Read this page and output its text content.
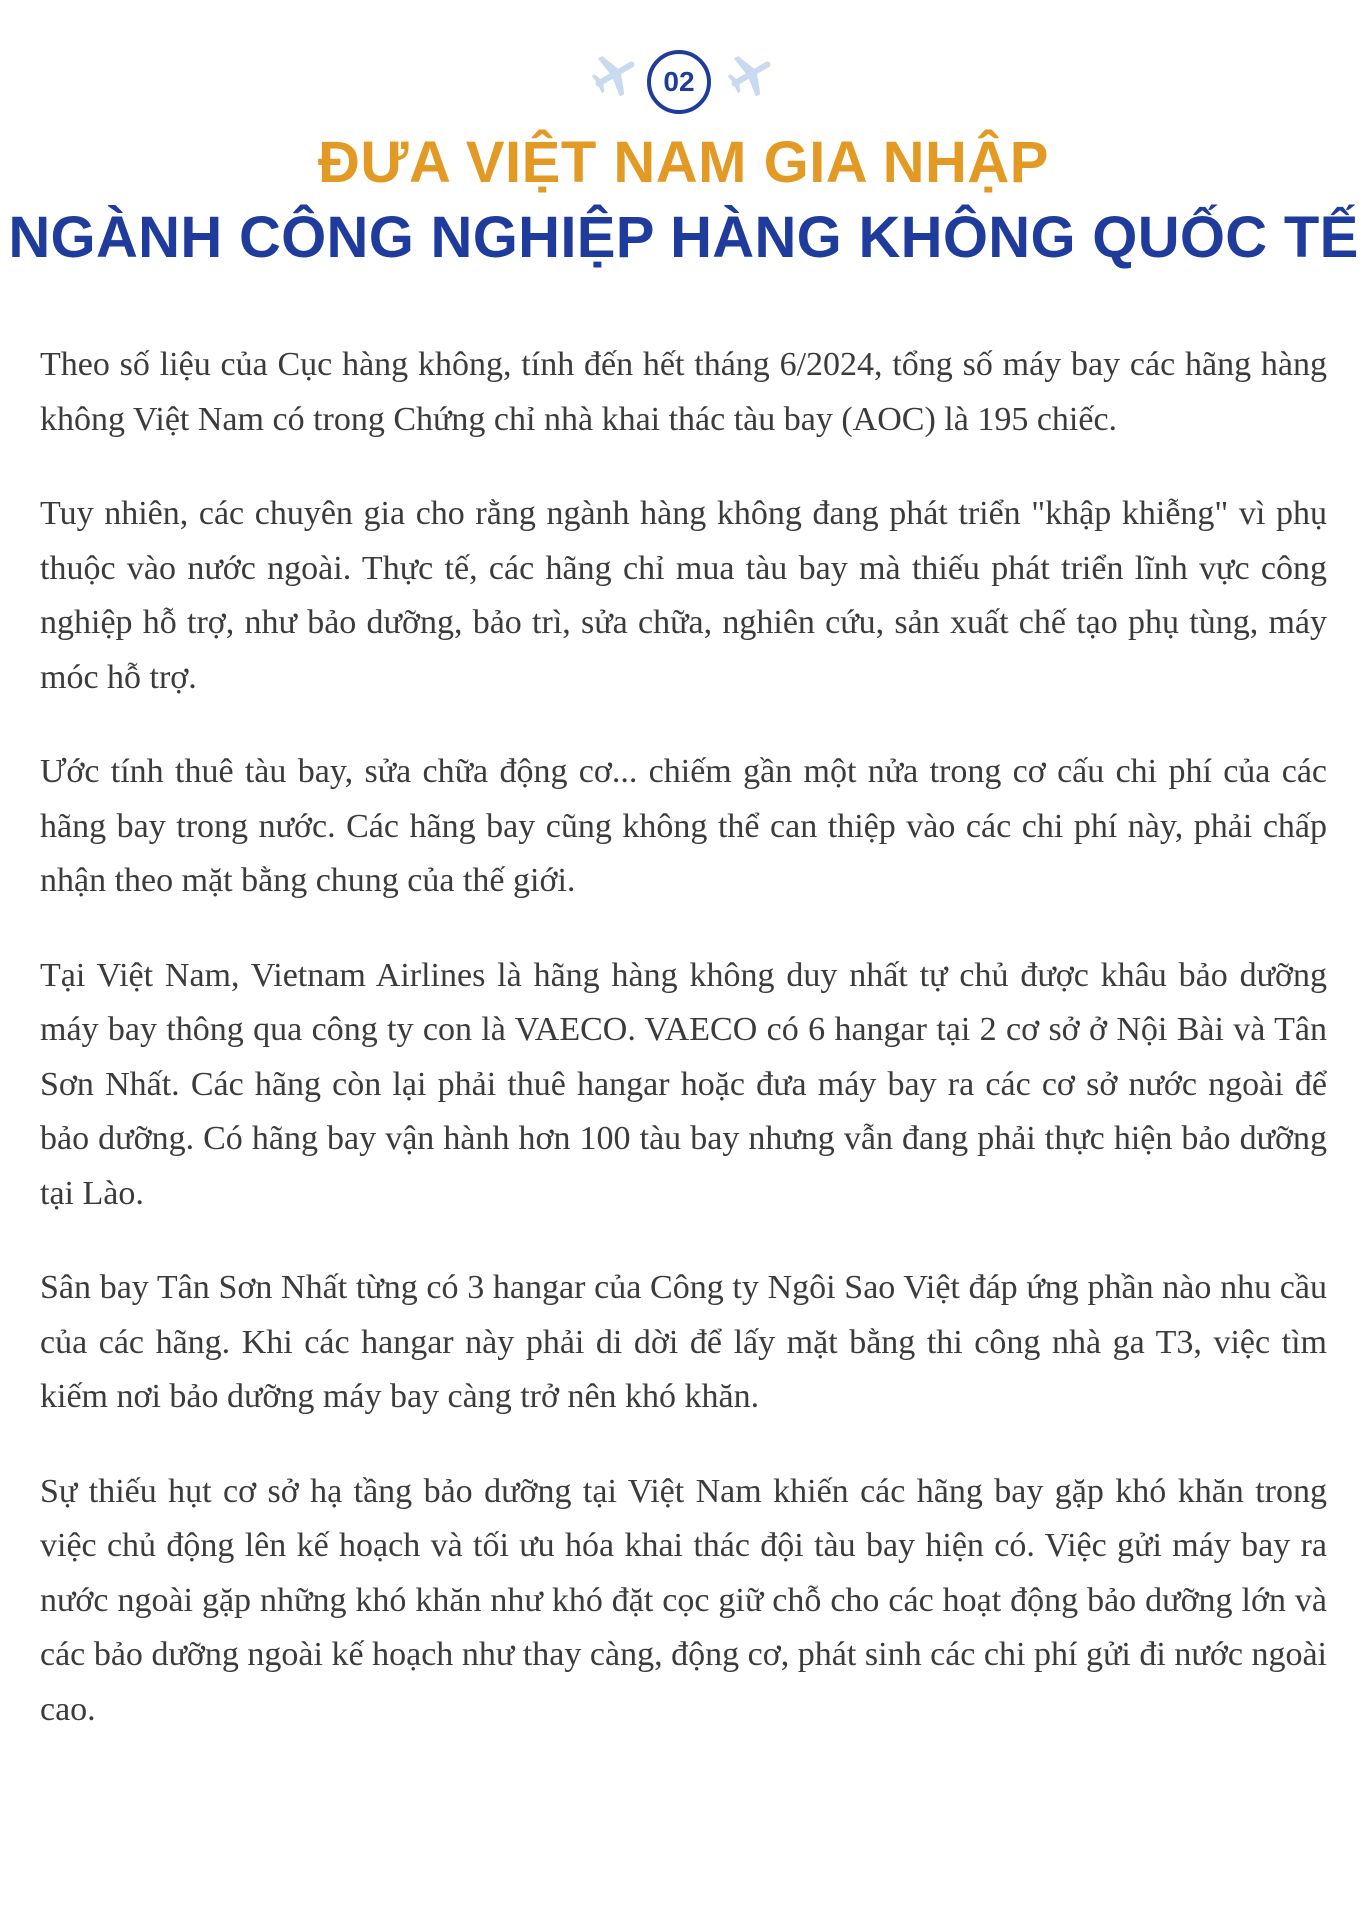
02
ĐƯA VIỆT NAM GIA NHẬP
NGÀNH CÔNG NGHIỆP HÀNG KHÔNG QUỐC TẾ

Theo số liệu của Cục hàng không, tính đến hết tháng 6/2024, tổng số máy bay các hãng hàng không Việt Nam có trong Chứng chỉ nhà khai thác tàu bay (AOC) là 195 chiếc.

Tuy nhiên, các chuyên gia cho rằng ngành hàng không đang phát triển "khập khiễng" vì phụ thuộc vào nước ngoài. Thực tế, các hãng chỉ mua tàu bay mà thiếu phát triển lĩnh vực công nghiệp hỗ trợ, như bảo dưỡng, bảo trì, sửa chữa, nghiên cứu, sản xuất chế tạo phụ tùng, máy móc hỗ trợ.

Ước tính thuê tàu bay, sửa chữa động cơ... chiếm gần một nửa trong cơ cấu chi phí của các hãng bay trong nước. Các hãng bay cũng không thể can thiệp vào các chi phí này, phải chấp nhận theo mặt bằng chung của thế giới.

Tại Việt Nam, Vietnam Airlines là hãng hàng không duy nhất tự chủ được khâu bảo dưỡng máy bay thông qua công ty con là VAECO. VAECO có 6 hangar tại 2 cơ sở ở Nội Bài và Tân Sơn Nhất. Các hãng còn lại phải thuê hangar hoặc đưa máy bay ra các cơ sở nước ngoài để bảo dưỡng. Có hãng bay vận hành hơn 100 tàu bay nhưng vẫn đang phải thực hiện bảo dưỡng tại Lào.

Sân bay Tân Sơn Nhất từng có 3 hangar của Công ty Ngôi Sao Việt đáp ứng phần nào nhu cầu của các hãng. Khi các hangar này phải di dời để lấy mặt bằng thi công nhà ga T3, việc tìm kiếm nơi bảo dưỡng máy bay càng trở nên khó khăn.

Sự thiếu hụt cơ sở hạ tầng bảo dưỡng tại Việt Nam khiến các hãng bay gặp khó khăn trong việc chủ động lên kế hoạch và tối ưu hóa khai thác đội tàu bay hiện có. Việc gửi máy bay ra nước ngoài gặp những khó khăn như khó đặt cọc giữ chỗ cho các hoạt động bảo dưỡng lớn và các bảo dưỡng ngoài kế hoạch như thay càng, động cơ, phát sinh các chi phí gửi đi nước ngoài cao.
